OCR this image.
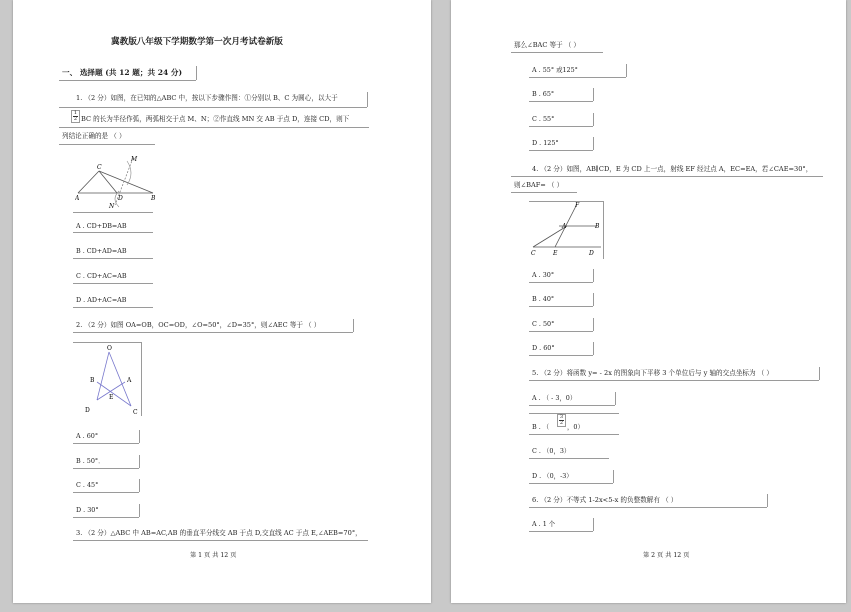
冀教版八年级下学期数学第一次月考试卷新版
一、 选择题 (共 12 题；共 24 分)
1. （2 分）如图，在已知的△ABC 中，按以下步骤作图：①分别以 B、C 为圆心，以大于
$\frac{1}{2}$ BC 的长为半径作弧，两弧相交于点 M、N；②作直线 MN 交 AB 于点 D，连接 CD，则下
列结论正确的是 （ ）
C
M
A	B
D
N
A . CD+DB=AB
B . CD+AD=AB
C . CD+AC=AB
D . AD+AC=AB
2. （2 分）如图 OA=OB，OC=OD，∠O=50°，∠D=35°，则∠AEC 等于 （ ）
O
B	A
E
D	C
A . 60°
B . 50°．
C . 45°
D . 30°
3. （2 分）△ABC 中 AB=AC,AB 的垂直平分线交 AB 于点 D,交直线 AC 于点 E,∠AEB=70°，
第 1 页 共 12 页
那么∠BAC 等于 （ ）
A . 55° 或125°
B . 65°
C . 55°
D . 125°
4. （2 分）如图，AB∥CD，E 为 CD 上一点，射线 EF 经过点 A，EC=EA，若∠CAE=30°，
则∠BAF= （ ）
F
A	B
C	E	D
A . 30°
B . 40°
C . 50°
D . 60°
5. （2 分）将函数 y= - 2x 的图象向下平移 3 个单位后与 y 轴的交点坐标为 （ ）
A . （ - 3，0）
B . （ $\frac{3}{2}$ ，0）
C . （0，3）
D . （0，-3）
6. （2 分）不等式 1-2x<5-x 的负整数解有 （ ）
A . 1 个
第 2 页 共 12 页
